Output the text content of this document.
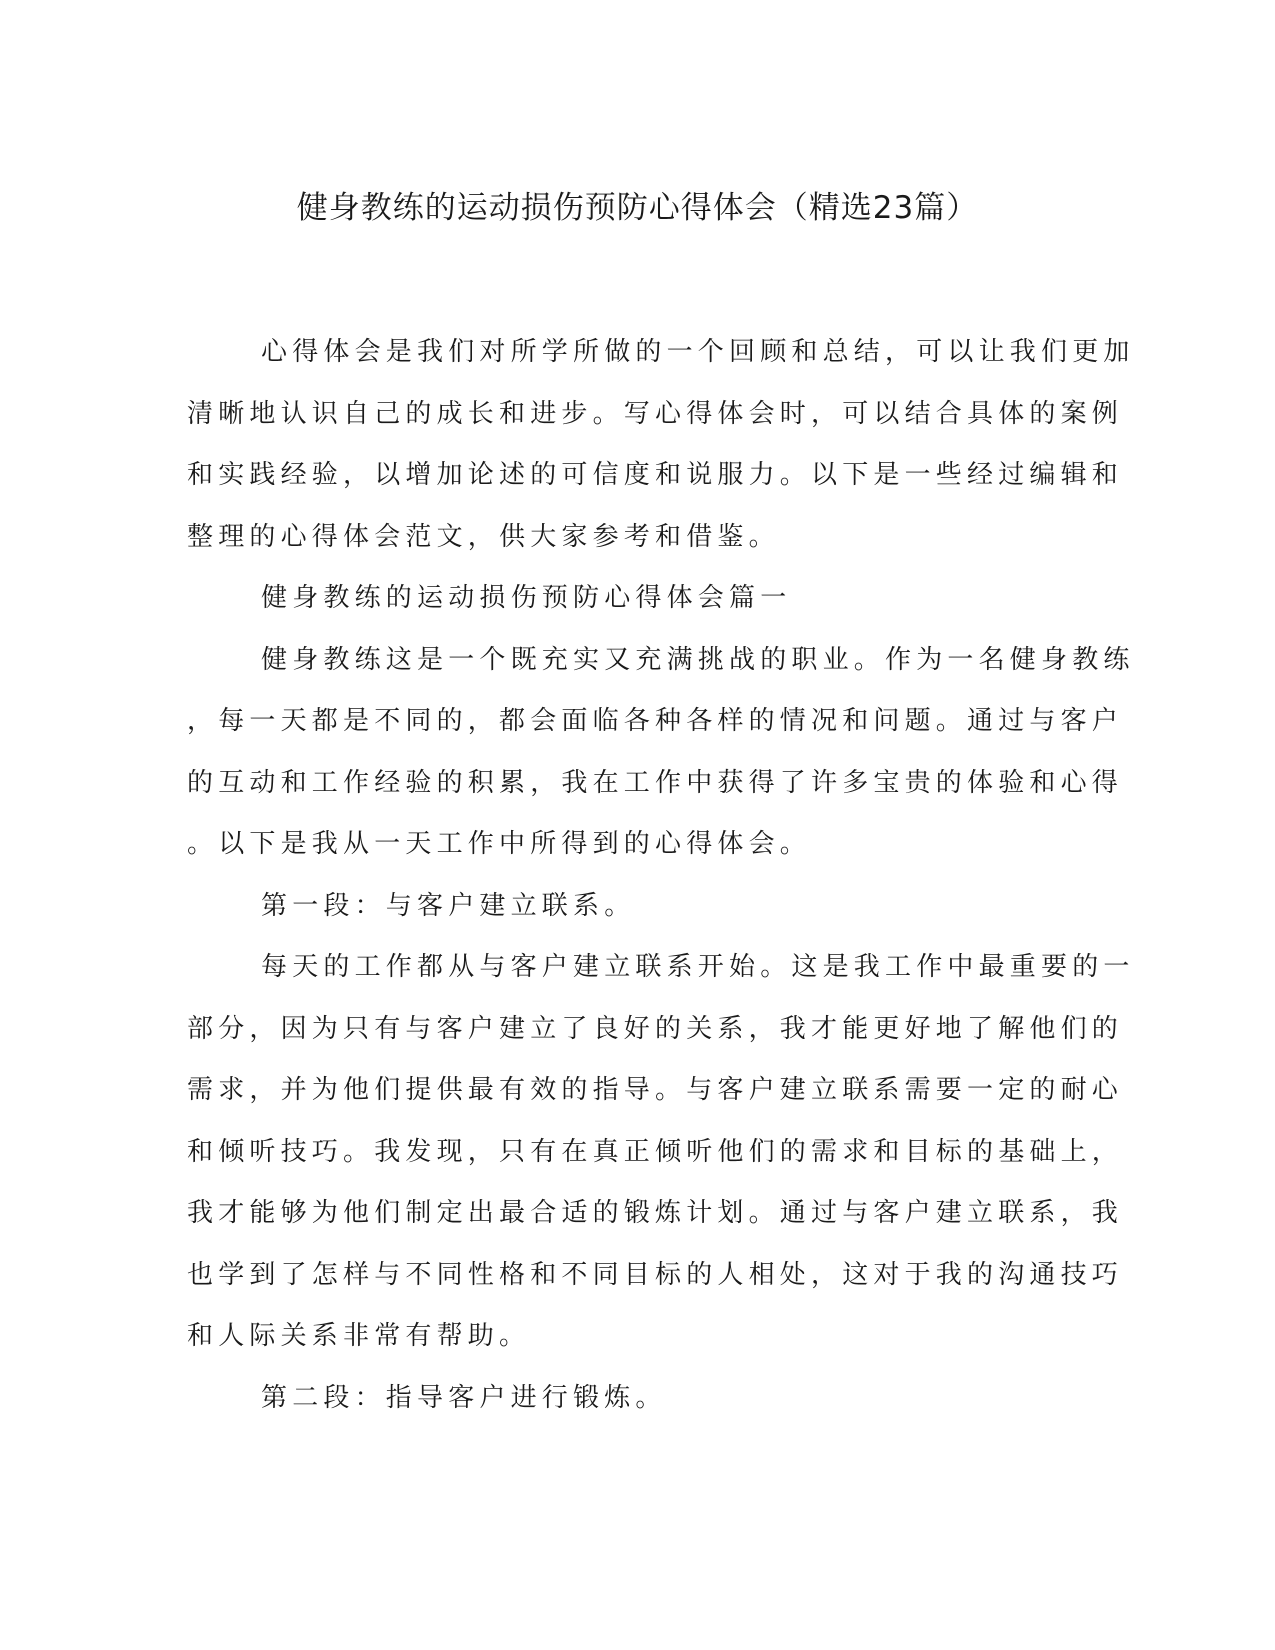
健身教练的运动损伤预防心得体会（精选23篇）
心得体会是我们对所学所做的一个回顾和总结，可以让我们更加
清晰地认识自己的成长和进步。写心得体会时，可以结合具体的案例
和实践经验，以增加论述的可信度和说服力。以下是一些经过编辑和
整理的心得体会范文，供大家参考和借鉴。
健身教练的运动损伤预防心得体会篇一
健身教练这是一个既充实又充满挑战的职业。作为一名健身教练
，每一天都是不同的，都会面临各种各样的情况和问题。通过与客户
的互动和工作经验的积累，我在工作中获得了许多宝贵的体验和心得
。以下是我从一天工作中所得到的心得体会。
第一段：与客户建立联系。
每天的工作都从与客户建立联系开始。这是我工作中最重要的一
部分，因为只有与客户建立了良好的关系，我才能更好地了解他们的
需求，并为他们提供最有效的指导。与客户建立联系需要一定的耐心
和倾听技巧。我发现，只有在真正倾听他们的需求和目标的基础上，
我才能够为他们制定出最合适的锻炼计划。通过与客户建立联系，我
也学到了怎样与不同性格和不同目标的人相处，这对于我的沟通技巧
和人际关系非常有帮助。
第二段：指导客户进行锻炼。
